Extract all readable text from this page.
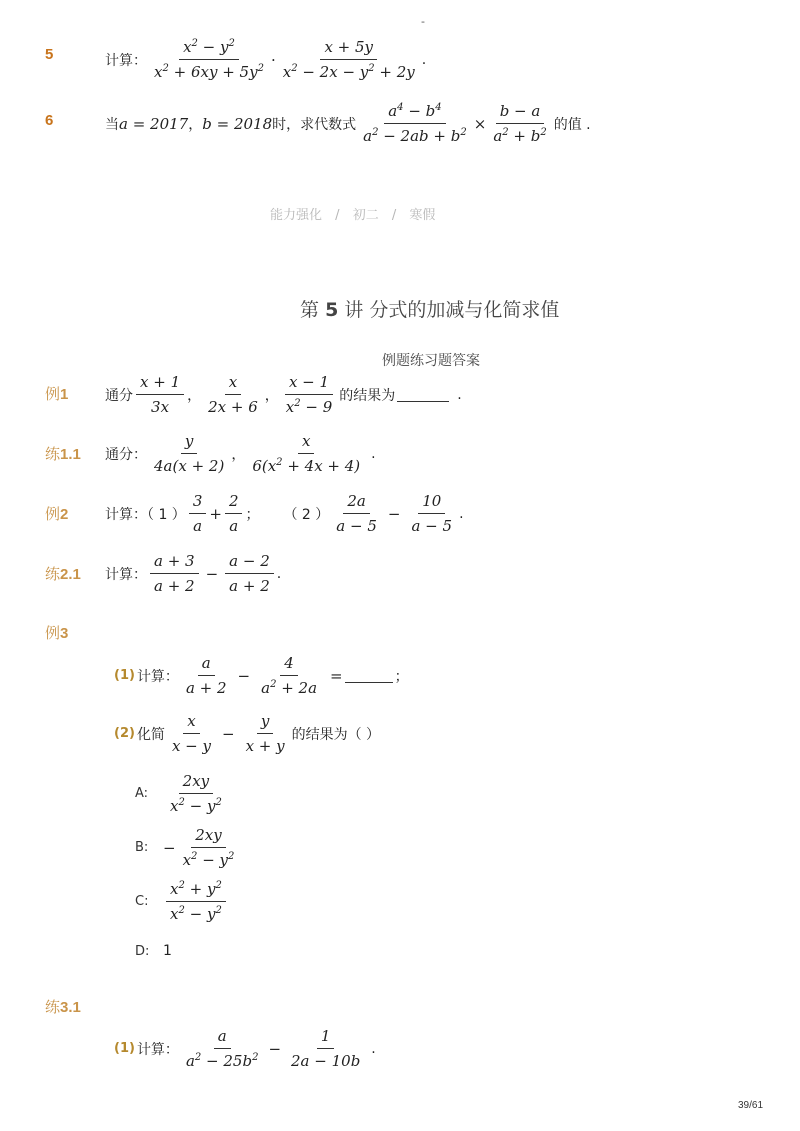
-
5	计算： $\frac{x^2 - y^2}{x^2 + 6xy + 5y^2} \cdot \frac{x + 5y}{x^2 - 2x - y^2 + 2y}$ .
6	当 a = 2017 ， b = 2018 时，求代数式 $\frac{a^4 - b^4}{a^2 - 2ab + b^2} \times \frac{b - a}{a^2 + b^2}$ 的值 .
能力强化 / 初二 / 寒假
第 5 讲 分式的加减与化简求值
例题练习题答案
例1	通分 $\frac{x + 1}{3x}$ ， $\frac{x}{2x + 6}$ ， $\frac{x - 1}{x^2 - 9}$ 的结果为	.
练1.1 通分： $\frac{y}{4a(x + 2)}$ ， $\frac{x}{6(x^2 + 4x + 4)}$ .
例2	计算：（ 1 ） $\frac{3}{a} + \frac{2}{a}$ ； （ 2 ） $\frac{2a}{a - 5} - \frac{10}{a - 5}$ .
练2.1 计算： $\frac{a + 3}{a + 2} - \frac{a - 2}{a + 2}$ .
例3
(1) 计算： $\frac{a}{a + 2} - \frac{4}{a^2 + 2a}$ =	；
(2) 化简 $\frac{x}{x - y} - \frac{y}{x + y}$ 的结果为（ ）
A:	$\frac{2xy}{x^2 - y^2}$
B: − $\frac{2xy}{x^2 - y^2}$
C:	$\frac{x^2 + y^2}{x^2 - y^2}$
D: 1
练3.1
(1) 计算： $\frac{a}{a^2 - 25b^2} - \frac{1}{2a - 10b}$ .
39/61
